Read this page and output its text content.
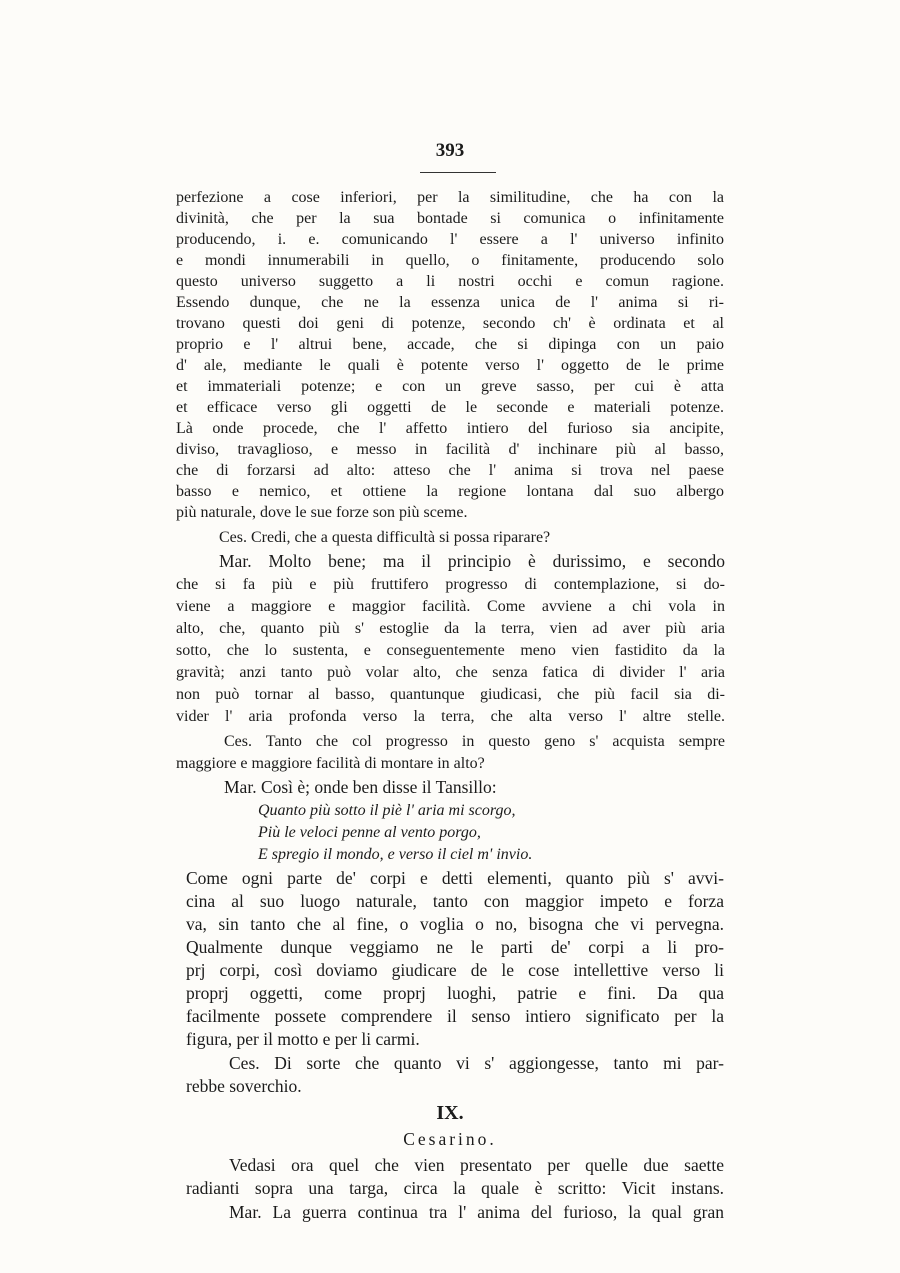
393
perfezione a cose inferiori, per la similitudine, che ha con la
divinità, che per la sua bontade si comunica o infinitamente
producendo, i. e. comunicando l' essere a l' universo infinito
e mondi innumerabili in quello, o finitamente, producendo solo
questo universo suggetto a li nostri occhi e comun ragione.
Essendo dunque, che ne la essenza unica de l' anima si ri-
trovano questi doi geni di potenze, secondo ch' è ordinata et al
proprio e l' altrui bene, accade, che si dipinga con un paio
d' ale, mediante le quali è potente verso l' oggetto de le prime
et immateriali potenze; e con un greve sasso, per cui è atta
et efficace verso gli oggetti de le seconde e materiali potenze.
Là onde procede, che l' affetto intiero del furioso sia ancipite,
diviso, travaglioso, e messo in facilità d' inchinare più al basso,
che di forzarsi ad alto: atteso che l' anima si trova nel paese
basso e nemico, et ottiene la regione lontana dal suo albergo
più naturale, dove le sue forze son più sceme.
Ces. Credi, che a questa difficultà si possa riparare?
Mar. Molto bene; ma il principio è durissimo, e secondo
che si fa più e più fruttifero progresso di contemplazione, si do-
viene a maggiore e maggior facilità. Come avviene a chi vola in
alto, che, quanto più s' estoglie da la terra, vien ad aver più aria
sotto, che lo sustenta, e conseguentemente meno vien fastidito da la
gravità; anzi tanto può volar alto, che senza fatica di divider l' aria
non può tornar al basso, quantunque giudicasi, che più facil sia di-
vider l' aria profonda verso la terra, che alta verso l' altre stelle.
Ces. Tanto che col progresso in questo geno s' acquista sempre
maggiore e maggiore facilità di montare in alto?
Mar. Così è; onde ben disse il Tansillo:
Quanto più sotto il piè l' aria mi scorgo,
Più le veloci penne al vento porgo,
E spregio il mondo, e verso il ciel m' invio.
Come ogni parte de' corpi e detti elementi, quanto più s' avvi-
cina al suo luogo naturale, tanto con maggior impeto e forza
va, sin tanto che al fine, o voglia o no, bisogna che vi pervegna.
Qualmente dunque veggiamo ne le parti de' corpi a li pro-
prj corpi, così doviamo giudicare de le cose intellettive verso li
proprj oggetti, come proprj luoghi, patrie e fini. Da qua
facilmente possete comprendere il senso intiero significato per la
figura, per il motto e per li carmi.
Ces. Di sorte che quanto vi s' aggiongesse, tanto mi par-
rebbe soverchio.
IX.
Cesarino.
Vedasi ora quel che vien presentato per quelle due saette
radianti sopra una targa, circa la quale è scritto: Vicit instans.
Mar. La guerra continua tra l' anima del furioso, la qual gran
